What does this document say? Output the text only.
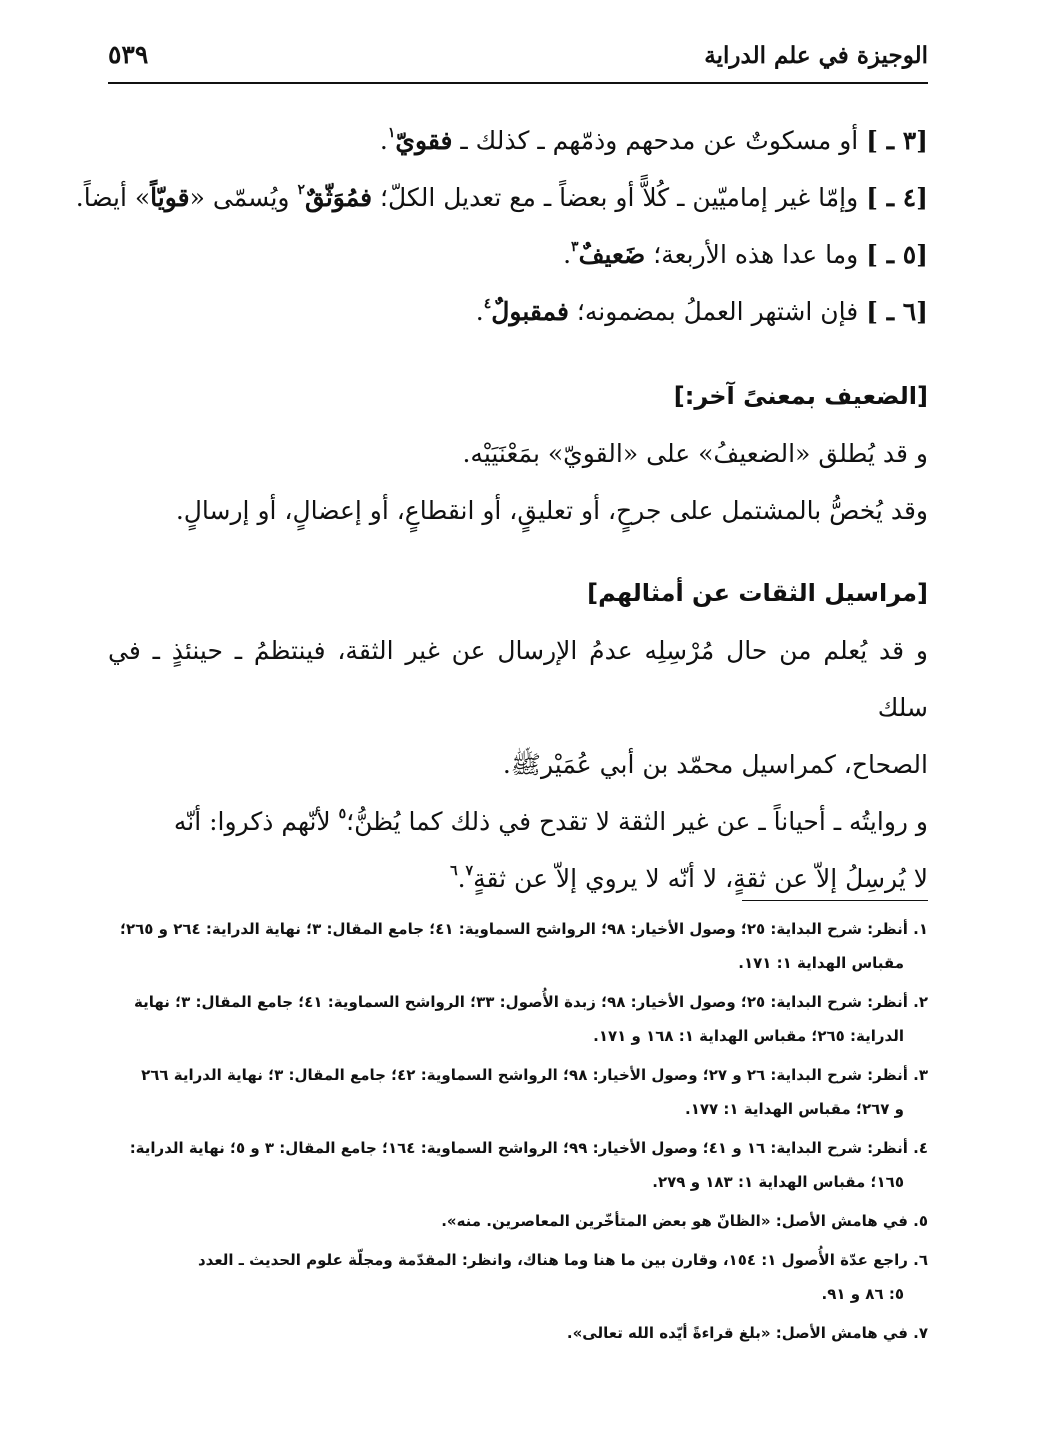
الوجيزة في علم الدراية
٥٣٩

[٣ ـ ] أو مسكوتٌ عن مدحهم وذمّهم ـ كذلك ـ فقويّ$^١$.

[٤ ـ ] وإمّا غير إماميّين ـ كُلاًّ أو بعضاً ـ مع تعديل الكلّ؛ فمُوَثّقٌ$^٢$ ويُسمّى «قويّاً» أيضاً.

[٥ ـ ] وما عدا هذه الأربعة؛ ضَعيفٌ$^٣$.

[٦ ـ ] فإن اشتهر العملُ بمضمونه؛ فمقبولٌ$^٤$.

[الضعيف بمعنىً آخر:]

و قد يُطلق «الضعيفُ» على «القويّ» بمَعْنَيَيْه.

وقد يُخصُّ بالمشتمل على جرحٍ، أو تعليقٍ، أو انقطاعٍ، أو إعضالٍ، أو إرسالٍ.

[مراسيل الثقات عن أمثالهم]

و قد يُعلم من حال مُرْسِلِه عدمُ الإرسال عن غير الثقة، فينتظمُ ـ حينئذٍ ـ في سلك

الصحاح، كمراسيل محمّد بن أبي عُمَيْرﷺ.

و روايتُه ـ أحياناً ـ عن غير الثقة لا تقدح في ذلك كما يُظنُّ؛$^٥$ لأنّهم ذكروا: أنّه

لا يُرسِلُ إلاّ عن ثقةٍ، لا أنّه لا يروي إلاّ عن ثقةٍ$^٦$.$^٧$

١. أنظر: شرح البداية: ٢٥؛ وصول الأخيار: ٩٨؛ الرواشح السماوية: ٤١؛ جامع المقال: ٣؛ نهاية الدراية: ٢٦٤ و ٢٦٥؛
مقباس الهداية ١: ١٧١.

٢. أنظر: شرح البداية: ٢٥؛ وصول الأخيار: ٩٨؛ زبدة الأُصول: ٣٣؛ الرواشح السماوية: ٤١؛ جامع المقال: ٣؛ نهاية
الدراية: ٢٦٥؛ مقباس الهداية ١: ١٦٨ و ١٧١.

٣. أنظر: شرح البداية: ٢٦ و ٢٧؛ وصول الأخيار: ٩٨؛ الرواشح السماوية: ٤٢؛ جامع المقال: ٣؛ نهاية الدراية ٢٦٦
و ٢٦٧؛ مقباس الهداية ١: ١٧٧.

٤. أنظر: شرح البداية: ١٦ و ٤١؛ وصول الأخيار: ٩٩؛ الرواشح السماوية: ١٦٤؛ جامع المقال: ٣ و ٥؛ نهاية الدراية:
١٦٥؛ مقباس الهداية ١: ١٨٣ و ٢٧٩.

٥. في هامش الأصل: «الظانّ هو بعض المتأخّرين المعاصرين. منه».

٦. راجع عدّة الأُصول ١: ١٥٤، وقارن بين ما هنا وما هناك، وانظر: المقدّمة ومجلّة علوم الحديث ـ العدد
٥: ٨٦ و ٩١.

٧. في هامش الأصل: «بلغ قراءةً أيّده الله تعالى».
